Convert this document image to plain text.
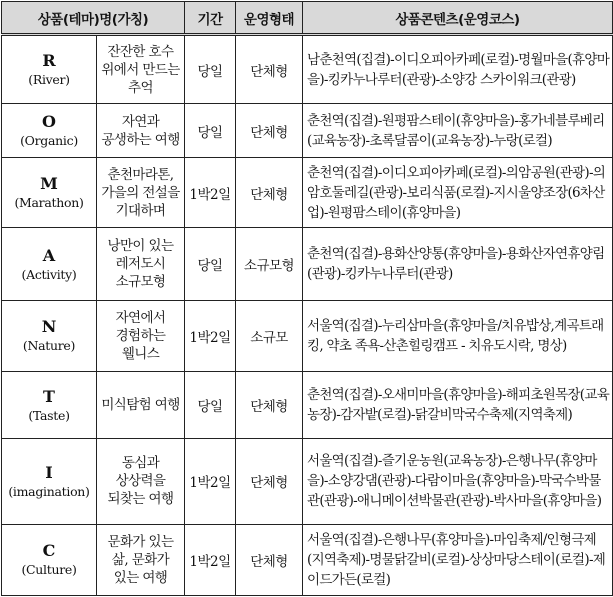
상품(테마)명(가칭)		기간	운영형태	상품콘텐츠(운영코스)

R
(River)	잔잔한 호수
위에서 만드는
추억	당일	단체형	남춘천역(집결)-이디오피아카페(로컬)-명월마을(휴양마을)-킹카누나루터(관광)-소양강 스카이워크(관광)

O
(Organic)	자연과
공생하는 여행	당일	단체형	춘천역(집결)-원평팜스테이(휴양마을)-홍가네블루베리(교육농장)-초록달콤이(교육농장)-누랑(로컬)

M
(Marathon)	춘천마라톤,
가을의 전설을
기대하며	1박2일	단체형	춘천역(집결)-이디오피아카페(로컬)-의암공원(관광)-의암호둘레길(관광)-보리식품(로컬)-지시울양조장(6차산업)-원평팜스테이(휴양마을)

A
(Activity)	낭만이 있는
레저도시
소규모형	당일	소규모형	춘천역(집결)-용화산양통(휴양마을)-용화산자연휴양림(관광)-킹카누나루터(관광)

N
(Nature)	자연에서
경험하는
웰니스	1박2일	소규모	서울역(집결)-누리삼마을(휴양마을/치유밥상,계곡트래킹, 약초 족욕-산촌힐링캠프 - 치유도시락, 명상)

T
(Taste)	미식탐험 여행	당일	단체형	춘천역(집결)-오새미마을(휴양마을)-해피초원목장(교육농장)-감자밭(로컬)-닭갈비막국수축제(지역축제)

I
(imagination)	동심과
상상력을
되찾는 여행	1박2일	단체형	서울역(집결)-즐기운농원(교육농장)-은행나무(휴양마을)-소양강댐(관광)-다람이마을(휴양마을)-막국수박물관(관광)-애니메이션박물관(관광)-박사마을(휴양마을)

C
(Culture)	문화가 있는
삶, 문화가
있는 여행	1박2일	단체형	서울역(집결)-은행나무(휴양마을)-마임축제/인형극제(지역축제)-명물닭갈비(로컬)-상상마당스테이(로컬)-제이드가든(로컬)
